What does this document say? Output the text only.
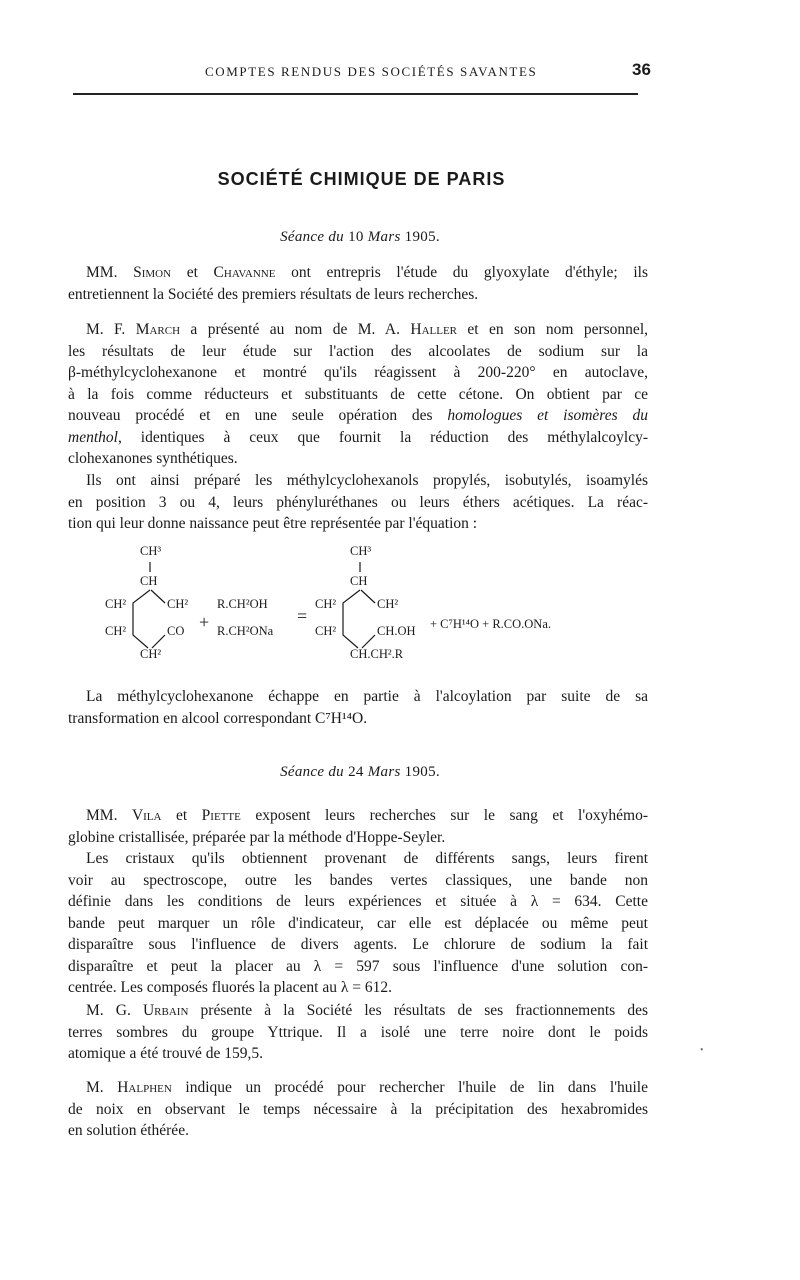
COMPTES RENDUS DES SOCIÉTÉS SAVANTES	36
SOCIÉTÉ CHIMIQUE DE PARIS
Séance du 10 Mars 1905.

MM. Simon et Chavanne ont entrepris l'étude du glyoxylate d'éthyle; ils
entretiennent la Société des premiers résultats de leurs recherches.

M. F. March a présenté au nom de M. A. Haller et en son nom personnel,
les résultats de leur étude sur l'action des alcoolates de sodium sur la
β-méthylcyclohexanone et montré qu'ils réagissent à 200-220° en autoclave,
à la fois comme réducteurs et substituants de cette cétone. On obtient par ce
nouveau procédé et en une seule opération des homologues et isomères du
menthol, identiques à ceux que fournit la réduction des méthylalcoylcy-
clohexanones synthétiques.

Ils ont ainsi préparé les méthylcyclohexanols propylés, isobutylés, isoamylés
en position 3 ou 4, leurs phényluréthanes ou leurs éthers acétiques. La réac-
tion qui leur donne naissance peut être représentée par l'équation :

CH³
CH
CH²	CH²
CH²	CO
CH²
+
R.CH²OH
R.CH²ONa
=
CH³
CH
CH²	CH²
CH²	CH.OH
CH.CH².R
+ C⁷H¹⁴O + R.CO.ONa.

La méthylcyclohexanone échappe en partie à l'alcoylation par suite de sa
transformation en alcool correspondant C⁷H¹⁴O.

Séance du 24 Mars 1905.

MM. Vila et Piette exposent leurs recherches sur le sang et l'oxyhémo-
globine cristallisée, préparée par la méthode d'Hoppe-Seyler.

Les cristaux qu'ils obtiennent provenant de différents sangs, leurs firent
voir au spectroscope, outre les bandes vertes classiques, une bande non
définie dans les conditions de leurs expériences et située à λ = 634. Cette
bande peut marquer un rôle d'indicateur, car elle est déplacée ou même peut
disparaître sous l'influence de divers agents. Le chlorure de sodium la fait
disparaître et peut la placer au λ = 597 sous l'influence d'une solution con-
centrée. Les composés fluorés la placent au λ = 612.

M. G. Urbain présente à la Société les résultats de ses fractionnements des
terres sombres du groupe Yttrique. Il a isolé une terre noire dont le poids
atomique a été trouvé de 159,5.

M. Halphen indique un procédé pour rechercher l'huile de lin dans l'huile
de noix en observant le temps nécessaire à la précipitation des hexabromides
en solution éthérée.

•
